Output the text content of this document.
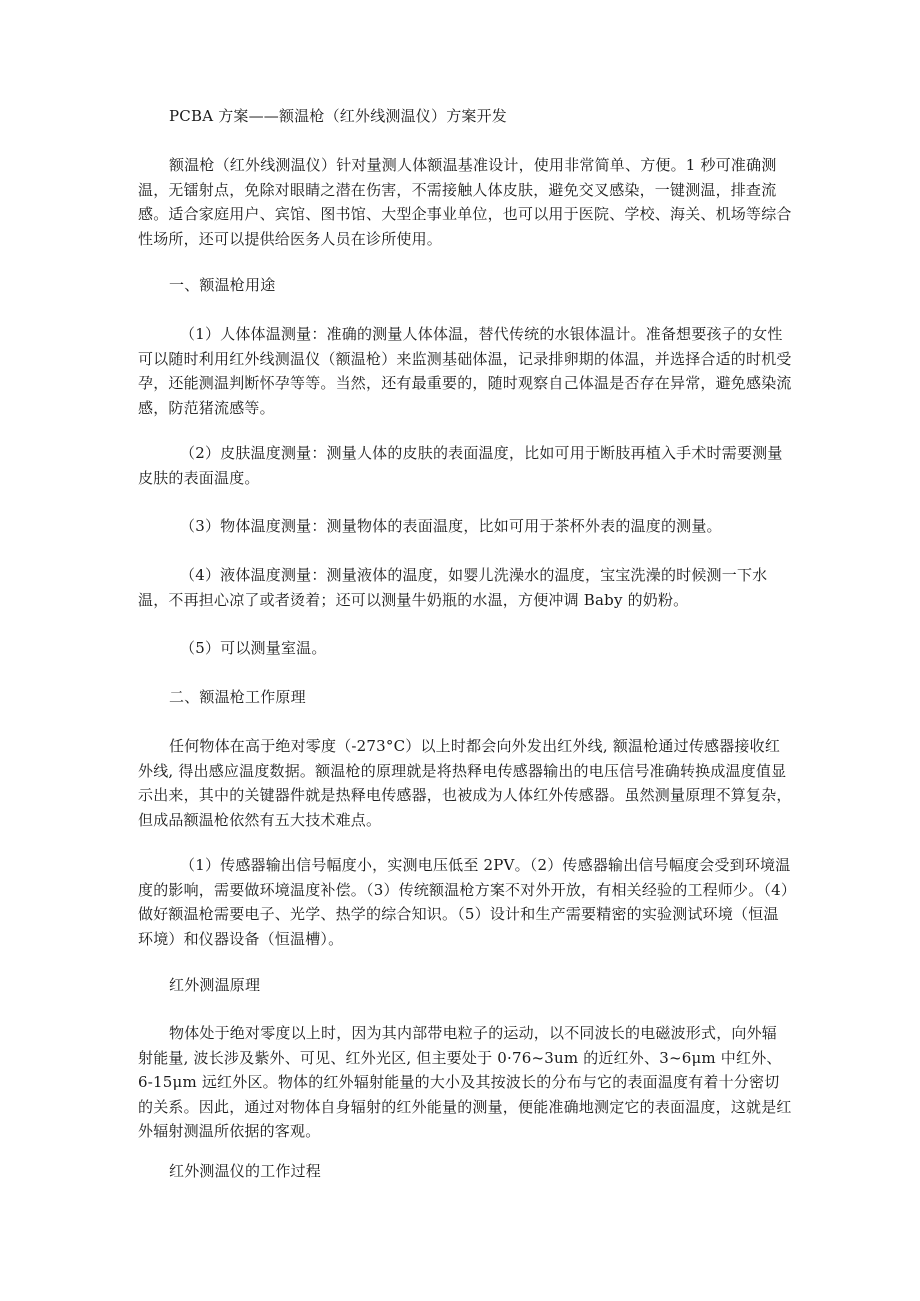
PCBA 方案——额温枪（红外线测温仪）方案开发

额温枪（红外线测温仪）针对量测人体额温基准设计，使用非常简单、方便。1 秒可准确测温，无镭射点，免除对眼睛之潜在伤害，不需接触人体皮肤，避免交叉感染，一键测温，排查流感。适合家庭用户、宾馆、图书馆、大型企事业单位，也可以用于医院、学校、海关、机场等综合性场所，还可以提供给医务人员在诊所使用。

一、额温枪用途

（1）人体体温测量：准确的测量人体体温，替代传统的水银体温计。准备想要孩子的女性可以随时利用红外线测温仪（额温枪）来监测基础体温，记录排卵期的体温，并选择合适的时机受孕，还能测温判断怀孕等等。当然，还有最重要的，随时观察自己体温是否存在异常，避免感染流感，防范猪流感等。

（2）皮肤温度测量：测量人体的皮肤的表面温度，比如可用于断肢再植入手术时需要测量皮肤的表面温度。

（3）物体温度测量：测量物体的表面温度，比如可用于茶杯外表的温度的测量。

（4）液体温度测量：测量液体的温度，如婴儿洗澡水的温度，宝宝洗澡的时候测一下水温，不再担心凉了或者烫着；还可以测量牛奶瓶的水温，方便冲调 Baby 的奶粉。

（5）可以测量室温。

二、额温枪工作原理

任何物体在高于绝对零度（-273°C）以上时都会向外发出红外线, 额温枪通过传感器接收红外线, 得出感应温度数据。额温枪的原理就是将热释电传感器输出的电压信号准确转换成温度值显示出来，其中的关键器件就是热释电传感器，也被成为人体红外传感器。虽然测量原理不算复杂，但成品额温枪依然有五大技术难点。

（1）传感器输出信号幅度小，实测电压低至 2PV。（2）传感器输出信号幅度会受到环境温度的影响，需要做环境温度补偿。（3）传统额温枪方案不对外开放，有相关经验的工程师少。（4）做好额温枪需要电子、光学、热学的综合知识。（5）设计和生产需要精密的实验测试环境（恒温环境）和仪器设备（恒温槽）。

红外测温原理

物体处于绝对零度以上时，因为其内部带电粒子的运动，以不同波长的电磁波形式，向外辐射能量, 波长涉及紫外、可见、红外光区, 但主要处于 0·76~3um 的近红外、3~6μm 中红外、6-15μm 远红外区。物体的红外辐射能量的大小及其按波长的分布与它的表面温度有着十分密切的关系。因此，通过对物体自身辐射的红外能量的测量，便能准确地测定它的表面温度，这就是红外辐射测温所依据的客观。

红外测温仪的工作过程
